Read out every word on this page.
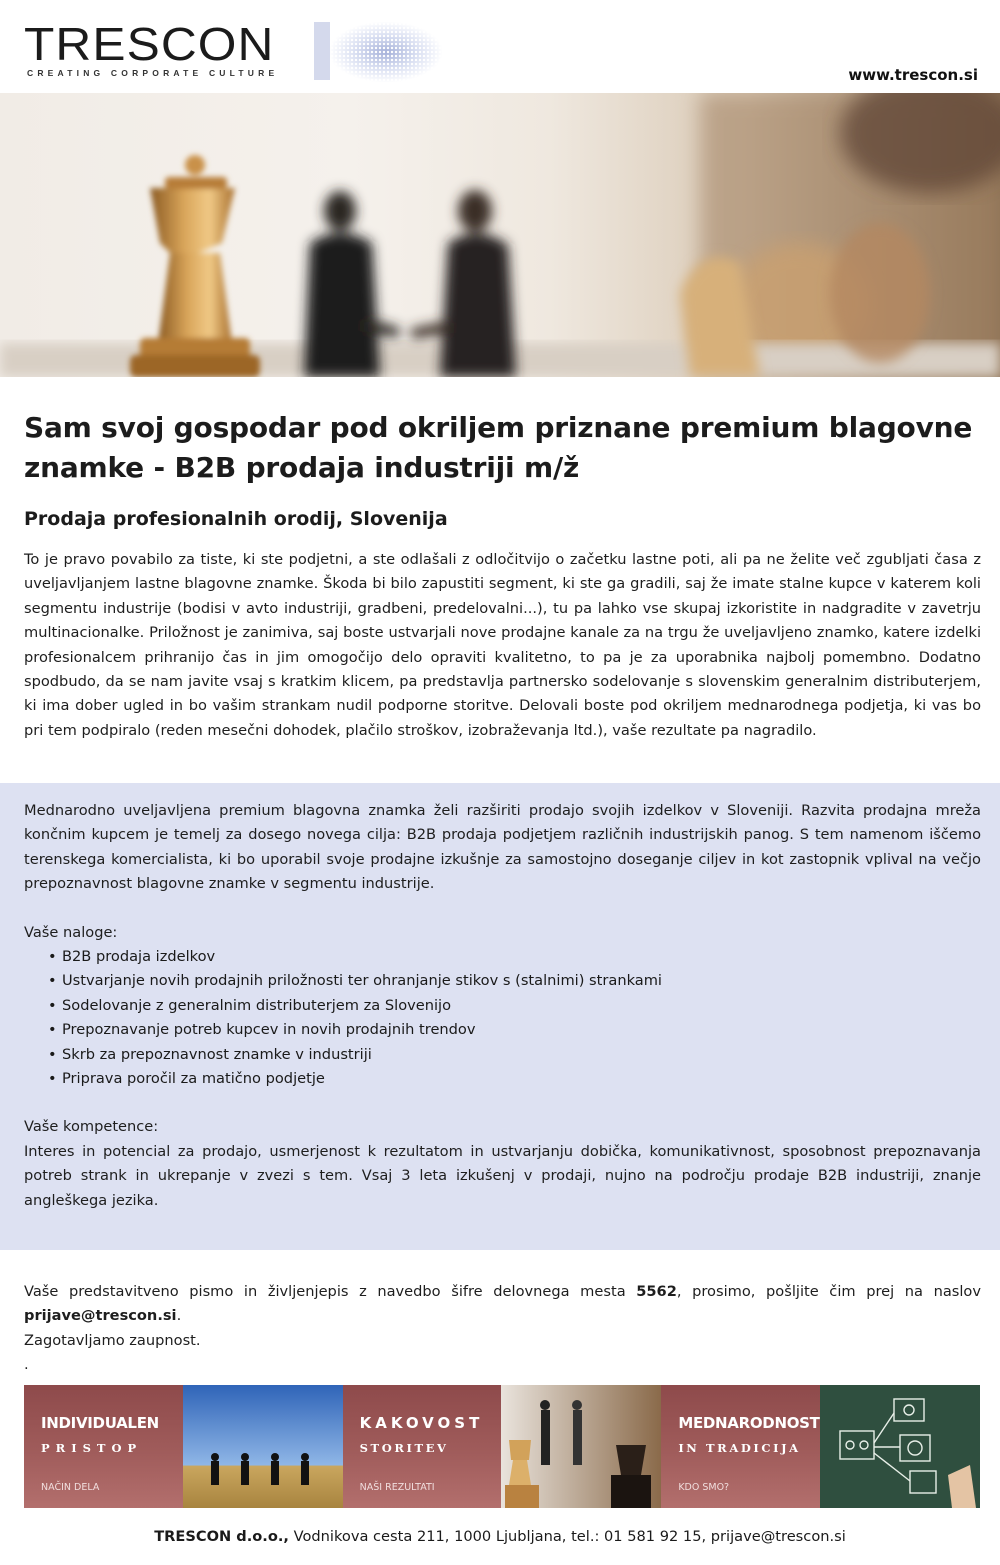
TRESCON
CREATING CORPORATE CULTURE	www.trescon.si
Sam svoj gospodar pod okriljem priznane premium blagovne znamke - B2B prodaja industriji m/ž
Prodaja profesionalnih orodij, Slovenija

To je pravo povabilo za tiste, ki ste podjetni, a ste odlašali z odločitvijo o začetku lastne poti, ali pa ne želite več zgubljati časa z uveljavljanjem lastne blagovne znamke. Škoda bi bilo zapustiti segment, ki ste ga gradili, saj že imate stalne kupce v katerem koli segmentu industrije (bodisi v avto industriji, gradbeni, predelovalni...), tu pa lahko vse skupaj izkoristite in nadgradite v zavetrju multinacionalke. Priložnost je zanimiva, saj boste ustvarjali nove prodajne kanale za na trgu že uveljavljeno znamko, katere izdelki profesionalcem prihranijo čas in jim omogočijo delo opraviti kvalitetno, to pa je za uporabnika najbolj pomembno. Dodatno spodbudo, da se nam javite vsaj s kratkim klicem, pa predstavlja partnersko sodelovanje s slovenskim generalnim distributerjem, ki ima dober ugled in bo vašim strankam nudil podporne storitve. Delovali boste pod okriljem mednarodnega podjetja, ki vas bo pri tem podpiralo (reden mesečni dohodek, plačilo stroškov, izobraževanja ltd.), vaše rezultate pa nagradilo.

Mednarodno uveljavljena premium blagovna znamka želi razširiti prodajo svojih izdelkov v Sloveniji. Razvita prodajna mreža končnim kupcem je temelj za dosego novega cilja: B2B prodaja podjetjem različnih industrijskih panog. S tem namenom iščemo terenskega komercialista, ki bo uporabil svoje prodajne izkušnje za samostojno doseganje ciljev in kot zastopnik vplival na večjo prepoznavnost blagovne znamke v segmentu industrije.

Vaše naloge:

• B2B prodaja izdelkov
• Ustvarjanje novih prodajnih priložnosti ter ohranjanje stikov s (stalnimi) strankami
• Sodelovanje z generalnim distributerjem za Slovenijo
• Prepoznavanje potreb kupcev in novih prodajnih trendov
• Skrb za prepoznavnost znamke v industriji
• Priprava poročil za matično podjetje

Vaše kompetence:

Interes in potencial za prodajo, usmerjenost k rezultatom in ustvarjanju dobička, komunikativnost, sposobnost prepoznavanja potreb strank in ukrepanje v zvezi s tem. Vsaj 3 leta izkušenj v prodaji, nujno na področju prodaje B2B industriji, znanje angleškega jezika.

Vaše predstavitveno pismo in življenjepis z navedbo šifre delovnega mesta 5562, prosimo, pošljite čim prej na naslov prijave@trescon.si.

Zagotavljamo zaupnost.

.

INDIVIDUALEN
PRISTOP
NAČIN DELA
KAKOVOST
STORITEV
NAŠI REZULTATI
MEDNARODNOST
IN TRADICIJA
KDO SMO?
TRESCON d.o.o., Vodnikova cesta 211, 1000 Ljubljana, tel.: 01 581 92 15, prijave@trescon.si
